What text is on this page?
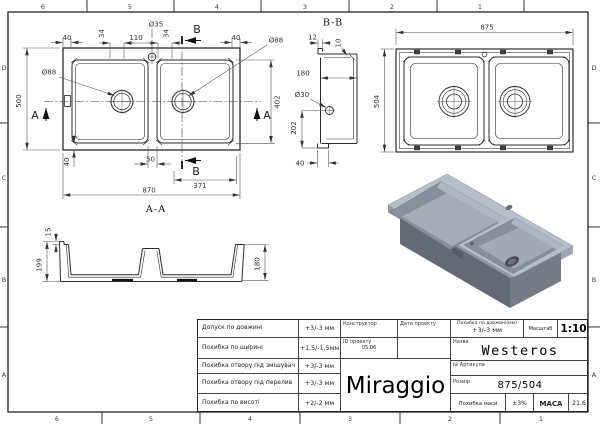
6	5	4	3	2	1
6	5	4	3	2	1
D
C
B
A
D
C
B
A
A	A
B
B
500	402
870
371
50
40
40	40
34
110
Ø35
34
Ø88
Ø88
B-B
12
10
180
Ø30
202
40
875
504
А-А
15
199	180
Допуск по довжині	+3/-3 мм
Похибка по ширині	+1,5/-1,5мм
Похибка отвору під змішувач	+3/-3 мм
Похибка отвору під перелив	+3/-3 мм
Похибка по висоті	+2/-2 мм
Конструктор	Дата проекту
ID проекту
05.06
Miraggio
Похибка по довжині(мм)
+3/-3 мм	Масштаб 1:10
Назва
Westeros
№ Артикула
Розмір	875/504
Похибка маси	±3%	МАСА	21.6
